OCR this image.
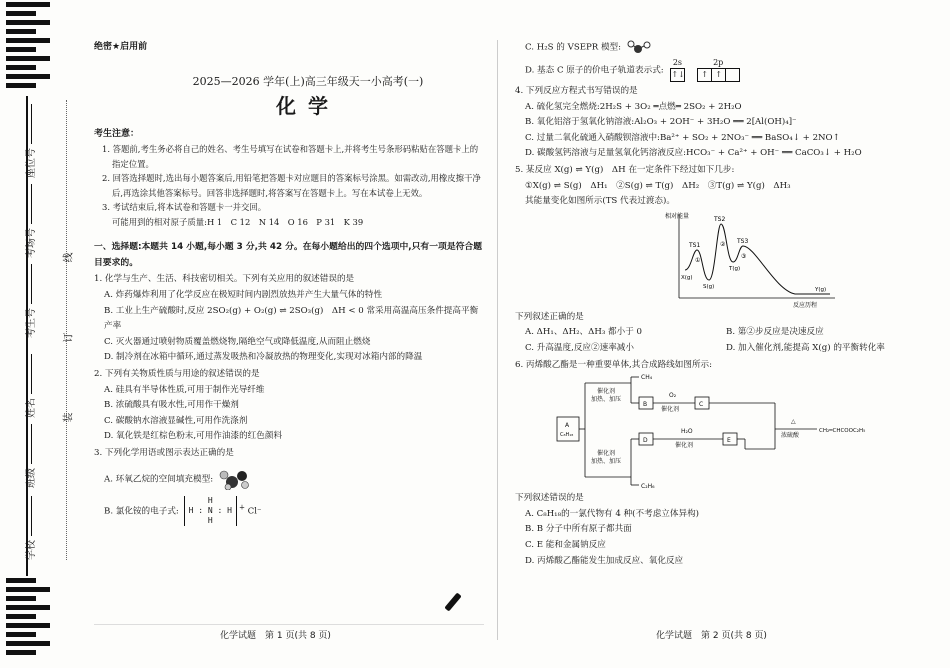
座位号
考场号
考生号
姓名
班级
学校
线
订
装
绝密★启用前
2025—2026 学年(上)高三年级天一小高考(一)
化学
考生注意：
1. 答题前,考生务必将自己的姓名、考生号填写在试卷和答题卡上,并将考生号条形码粘贴在答题卡上的指定位置。
2. 回答选择题时,选出每小题答案后,用铅笔把答题卡对应题目的答案标号涂黑。如需改动,用橡皮擦干净后,再选涂其他答案标号。回答非选择题时,将答案写在答题卡上。写在本试卷上无效。
3. 考试结束后,将本试卷和答题卡一并交回。
可能用到的相对原子质量:H 1　C 12　N 14　O 16　P 31　K 39
一、选择题:本题共 14 小题,每小题 3 分,共 42 分。在每小题给出的四个选项中,只有一项是符合题目要求的。
1. 化学与生产、生活、科技密切相关。下列有关应用的叙述错误的是
A. 炸药爆炸利用了化学反应在极短时间内剧烈放热并产生大量气体的特性
B. 工业上生产硫酸时,反应 2SO₂(g) + O₂(g) ⇌ 2SO₃(g)　ΔH < 0 常采用高温高压条件提高平衡产率
C. 灭火器通过喷射物质覆盖燃烧物,隔绝空气或降低温度,从而阻止燃烧
D. 制冷剂在冰箱中循环,通过蒸发吸热和冷凝放热的物理变化,实现对冰箱内部的降温
2. 下列有关物质性质与用途的叙述错误的是
A. 硅具有半导体性质,可用于制作光导纤维
B. 浓硫酸具有吸水性,可用作干燥剂
C. 碳酸钠水溶液显碱性,可用作洗涤剂
D. 氧化铁是红棕色粉末,可用作油漆的红色颜料
3. 下列化学用语或图示表达正确的是
A. 环氧乙烷的空间填充模型:
B. 氯化铵的电子式:
H
H : N : H
H
+ Cl⁻
化学试题　第 1 页(共 8 页)
C. H₂S 的 VSEPR 模型:
D. 基态 C 原子的价电子轨道表示式:
2s
↑↓

2p
↑ ↑
4. 下列反应方程式书写错误的是
A. 硫化氢完全燃烧:2H₂S + 3O₂ ═点燃═ 2SO₂ + 2H₂O
B. 氧化铝溶于氢氧化钠溶液:Al₂O₃ + 2OH⁻ + 3H₂O ══ 2[Al(OH)₄]⁻
C. 过量二氧化硫通入硝酸钡溶液中:Ba²⁺ + SO₂ + 2NO₃⁻ ══ BaSO₄↓ + 2NO↑
D. 碳酸氢钙溶液与足量氢氧化钙溶液反应:HCO₃⁻ + Ca²⁺ + OH⁻ ══ CaCO₃↓ + H₂O
5. 某反应 X(g) ⇌ Y(g)　ΔH 在一定条件下经过如下几步:
①X(g) ⇌ S(g)　ΔH₁　②S(g) ⇌ T(g)　ΔH₂　③T(g) ⇌ Y(g)　ΔH₃
其能量变化如图所示(TS 代表过渡态)。
相对能量
反应历程
TS1
TS2
TS3
X(g)
S(g)
T(g)
Y(g)
①
②
③
下列叙述正确的是
A. ΔH₁、ΔH₂、ΔH₃ 都小于 0	B. 第②步反应是决速反应
C. 升高温度,反应②速率减小	D. 加入催化剂,能提高 X(g) 的平衡转化率
6. 丙烯酸乙酯是一种重要单体,其合成路线如图所示:
A
C₈H₁₈
CH₄
催化剂
加热、加压
B
O₂
催化剂
C
催化剂
加热、加压
D
H₂O
催化剂
E
C₂H₆
△
浓硫酸
CH₂═CHCOOC₂H₅
下列叙述错误的是
A. C₈H₁₈的一氯代物有 4 种(不考虑立体异构)
B. B 分子中所有原子都共面
C. E 能和金属钠反应
D. 丙烯酸乙酯能发生加成反应、氧化反应
化学试题　第 2 页(共 8 页)
